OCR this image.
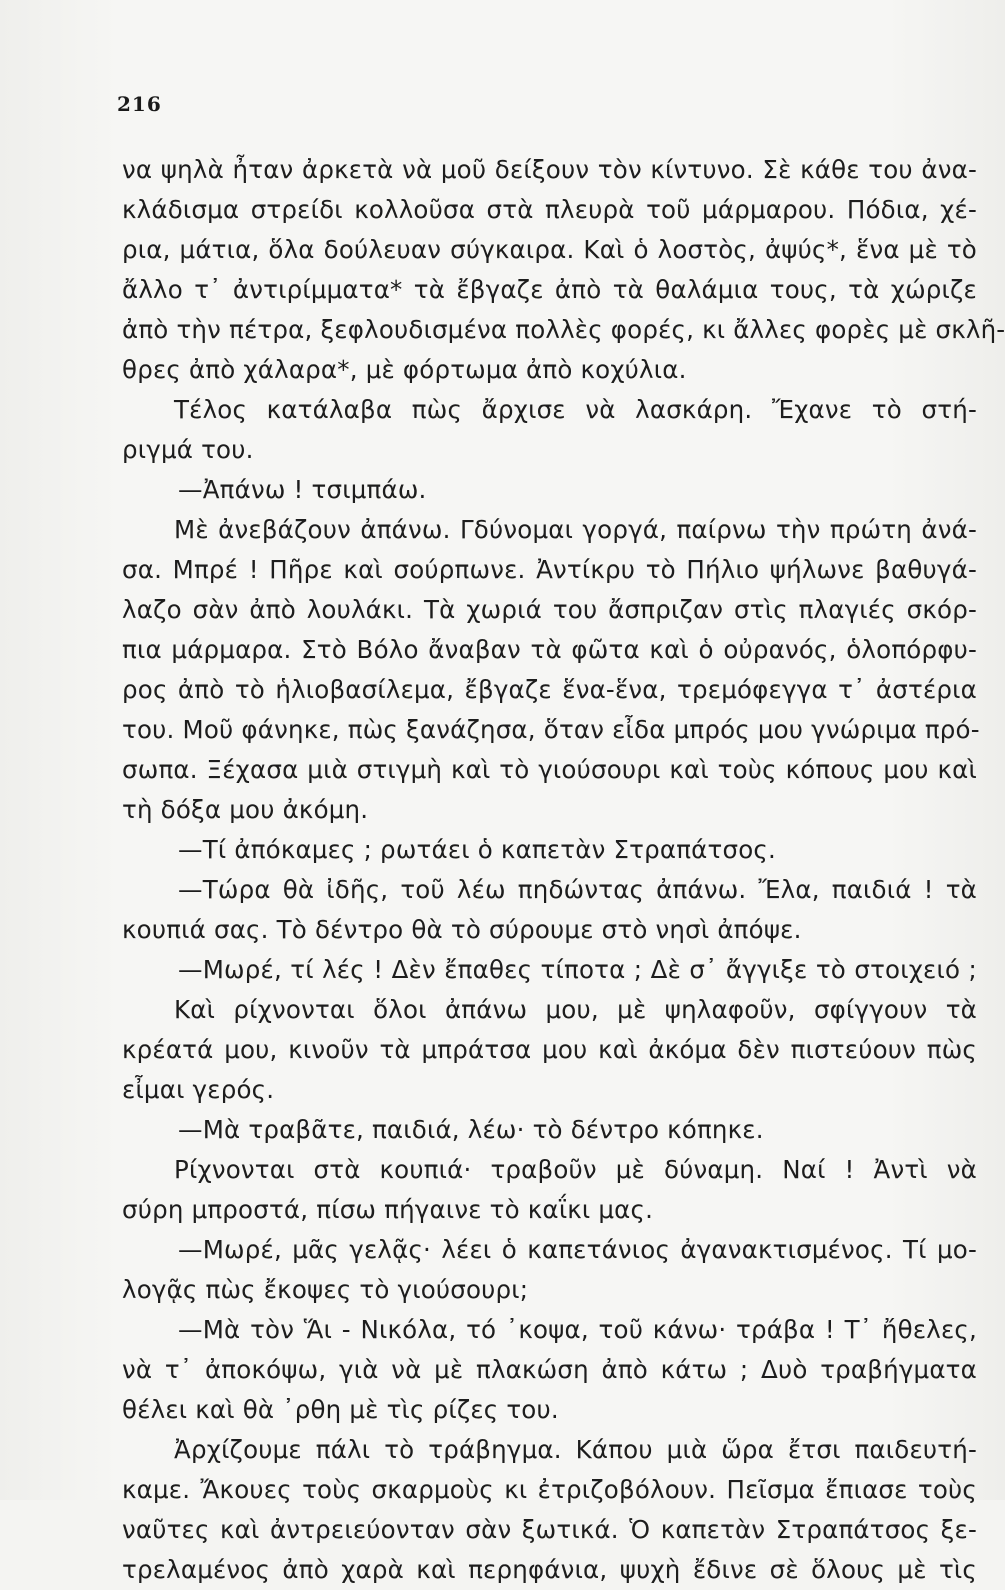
216
να ψηλὰ ἦταν ἀρκετὰ νὰ μοῦ δείξουν τὸν κίντυνο. Σὲ κάθε του ἀνα-
κλάδισμα στρείδι κολλοῦσα στὰ πλευρὰ τοῦ μάρμαρου. Πόδια, χέ-
ρια, μάτια, ὅλα δούλευαν σύγκαιρα. Καὶ ὁ λοστὸς, ἀψύς*, ἕνα μὲ τὸ
ἄλλο τ᾽ ἀντιρίμματα* τὰ ἔβγαζε ἀπὸ τὰ θαλάμια τους, τὰ χώριζε
ἀπὸ τὴν πέτρα, ξεφλουδισμένα πολλὲς φορές, κι ἄλλες φορὲς μὲ σκλῆ-
θρες ἀπὸ χάλαρα*, μὲ φόρτωμα ἀπὸ κοχύλια.
Τέλος κατάλαβα πὼς ἄρχισε νὰ λασκάρη. Ἔχανε τὸ στή-
ριγμά του.
—Ἀπάνω ! τσιμπάω.
Μὲ ἀνεβάζουν ἀπάνω. Γδύνομαι γοργά, παίρνω τὴν πρώτη ἀνά-
σα. Μπρέ ! Πῆρε καὶ σούρπωνε. Ἀντίκρυ τὸ Πήλιο ψήλωνε βαθυγά-
λαζο σὰν ἀπὸ λουλάκι. Τὰ χωριά του ἄσπριζαν στὶς πλαγιές σκόρ-
πια μάρμαρα. Στὸ Βόλο ἄναβαν τὰ φῶτα καὶ ὁ οὐρανός, ὁλοπόρφυ-
ρος ἀπὸ τὸ ἡλιοβασίλεμα, ἔβγαζε ἕνα-ἕνα, τρεμόφεγγα τ᾽ ἀστέρια
του. Μοῦ φάνηκε, πὼς ξανάζησα, ὅταν εἶδα μπρός μου γνώριμα πρό-
σωπα. Ξέχασα μιὰ στιγμὴ καὶ τὸ γιούσουρι καὶ τοὺς κόπους μου καὶ
τὴ δόξα μου ἀκόμη.
—Τί ἀπόκαμες ; ρωτάει ὁ καπετὰν Στραπάτσος.
—Τώρα θὰ ἰδῆς, τοῦ λέω πηδώντας ἀπάνω. Ἔλα, παιδιά ! τὰ
κουπιά σας. Τὸ δέντρο θὰ τὸ σύρουμε στὸ νησὶ ἀπόψε.
—Μωρέ, τί λές ! Δὲν ἔπαθες τίποτα ; Δὲ σ᾽ ἄγγιξε τὸ στοιχειό ;
Καὶ ρίχνονται ὅλοι ἀπάνω μου, μὲ ψηλαφοῦν, σφίγγουν τὰ
κρέατά μου, κινοῦν τὰ μπράτσα μου καὶ ἀκόμα δὲν πιστεύουν πὼς
εἶμαι γερός.
—Μὰ τραβᾶτε, παιδιά, λέω· τὸ δέντρο κόπηκε.
Ρίχνονται στὰ κουπιά· τραβοῦν μὲ δύναμη. Ναί ! Ἀντὶ νὰ
σύρη μπροστά, πίσω πήγαινε τὸ καΐκι μας.
—Μωρέ, μᾶς γελᾷς· λέει ὁ καπετάνιος ἀγανακτισμένος. Τί μο-
λογᾷς πὼς ἔκοψες τὸ γιούσουρι;
—Μὰ τὸν Ἅι - Νικόλα, τό ᾽κοψα, τοῦ κάνω· τράβα ! Τ᾽ ἤθελες,
νὰ τ᾽ ἀποκόψω, γιὰ νὰ μὲ πλακώση ἀπὸ κάτω ; Δυὸ τραβήγματα
θέλει καὶ θὰ ᾽ρθη μὲ τὶς ρίζες του.
Ἀρχίζουμε πάλι τὸ τράβηγμα. Κάπου μιὰ ὥρα ἔτσι παιδευτή-
καμε. Ἄκουες τοὺς σκαρμοὺς κι ἐτριζοβόλουν. Πεῖσμα ἔπιασε τοὺς
ναῦτες καὶ ἀντρειεύονταν σὰν ξωτικά. Ὁ καπετὰν Στραπάτσος ξε-
τρελαμένος ἀπὸ χαρὰ καὶ περηφάνια, ψυχὴ ἔδινε σὲ ὅλους μὲ τὶς
